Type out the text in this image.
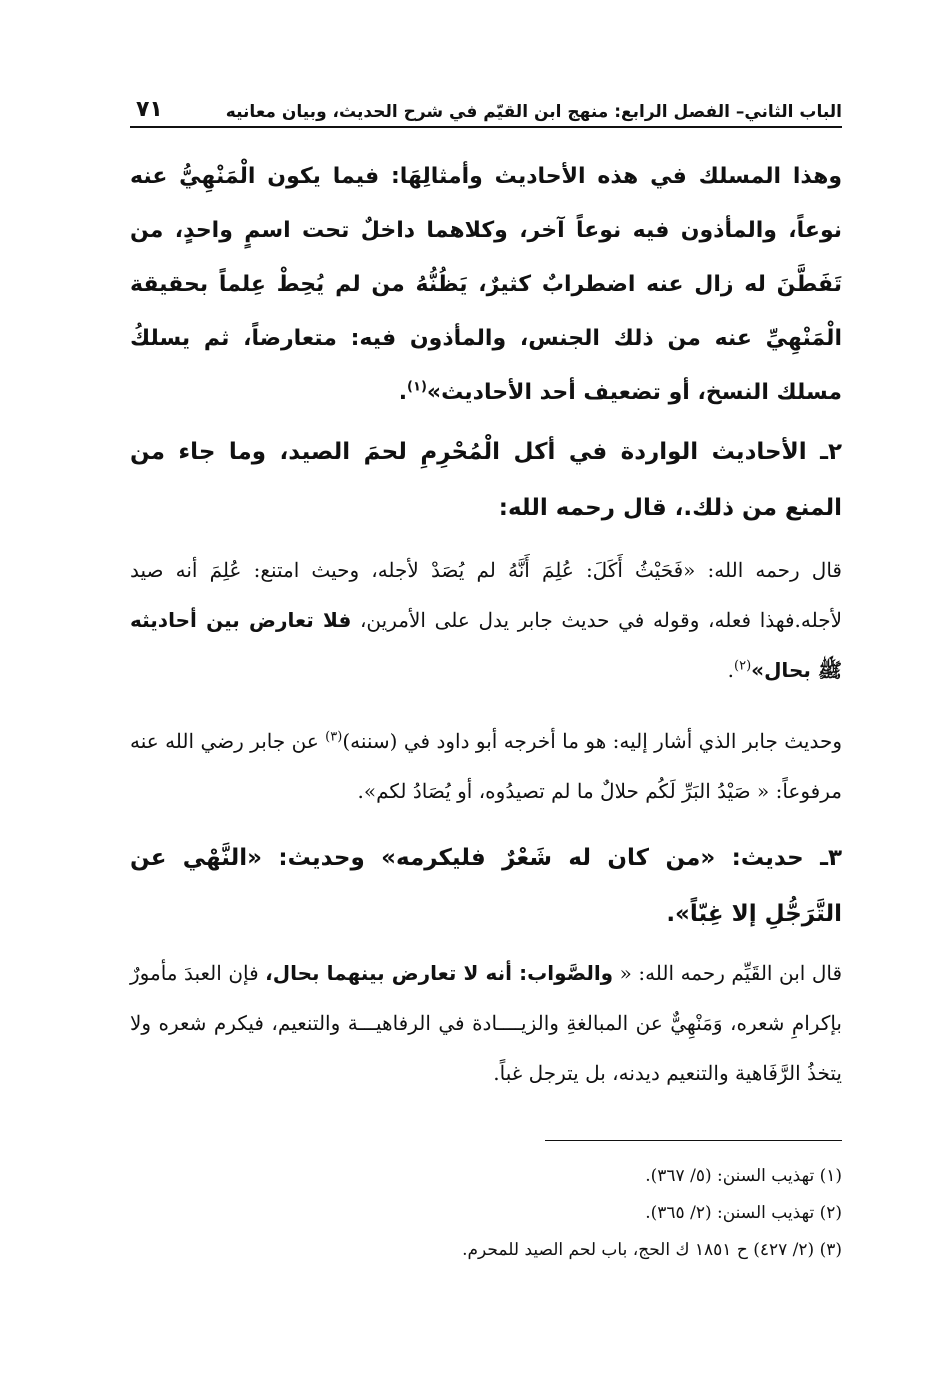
الباب الثاني– الفصل الرابع: منهج ابن القيّم في شرح الحديث، وبيان معانيه
٧١
وهذا المسلك في هذه الأحاديث وأمثالِهَا: فيما يكون الْمَنْهِيُّ عنه نوعاً، والمأذون فيه نوعاً آخر، وكلاهما داخلٌ تحت اسمٍ واحدٍ، من تَفَطَّنَ له زال عنه اضطرابٌ كثيرٌ، يَظُنُّهُ من لم يُحِطْ عِلماً بحقيقة الْمَنْهِيِّ عنه من ذلك الجنس، والمأذون فيه: متعارضاً، ثم يسلكُ مسلك النسخ، أو تضعيف أحد الأحاديث»$^{(١)}$.
٢ـ الأحاديث الواردة في أكل الْمُحْرِمِ لحمَ الصيد، وما جاء من المنع من ذلك.، قال رحمه الله:
قال رحمه الله: «فَحَيْثُ أَكَلَ: عُلِمَ أَنَّهُ لم يُصَدْ لأجله، وحيث امتنع: عُلِمَ أنه صيد لأجله.فهذا فعله، وقوله في حديث جابر يدل على الأمرين، فلا تعارض بين أحاديثه ﷺ بحال»$^{(٢)}$.
وحديث جابر الذي أشار إليه: هو ما أخرجه أبو داود في (سننه)$^{(٣)}$ عن جابر رضي الله عنه مرفوعاً: « صَيْدُ البَرِّ لَكُم حلالٌ ما لم تصيدُوه، أو يُصَادُ لكم».
٣ـ حديث: «من كان له شَعْرٌ فليكرمه» وحديث: «النَّهْي عن التَّرَجُّلِ إلا غِبّاً».
قال ابن القَيِّم رحمه الله: « والصَّواب: أنه لا تعارض بينهما بحال، فإن العبدَ مأمورٌ بإكرامِ شعره، وَمَنْهِيٌّ عن المبالغةِ والزيــــادة في الرفاهيـــة والتنعيم، فيكرم شعره ولا يتخذُ الرَّفَاهية والتنعيم ديدنه، بل يترجل غباً.
(١) تهذيب السنن: (٥/ ٣٦٧).
(٢) تهذيب السنن: (٢/ ٣٦٥).
(٣) (٢/ ٤٢٧) ح ١٨٥١ ك الحج، باب لحم الصيد للمحرم.
